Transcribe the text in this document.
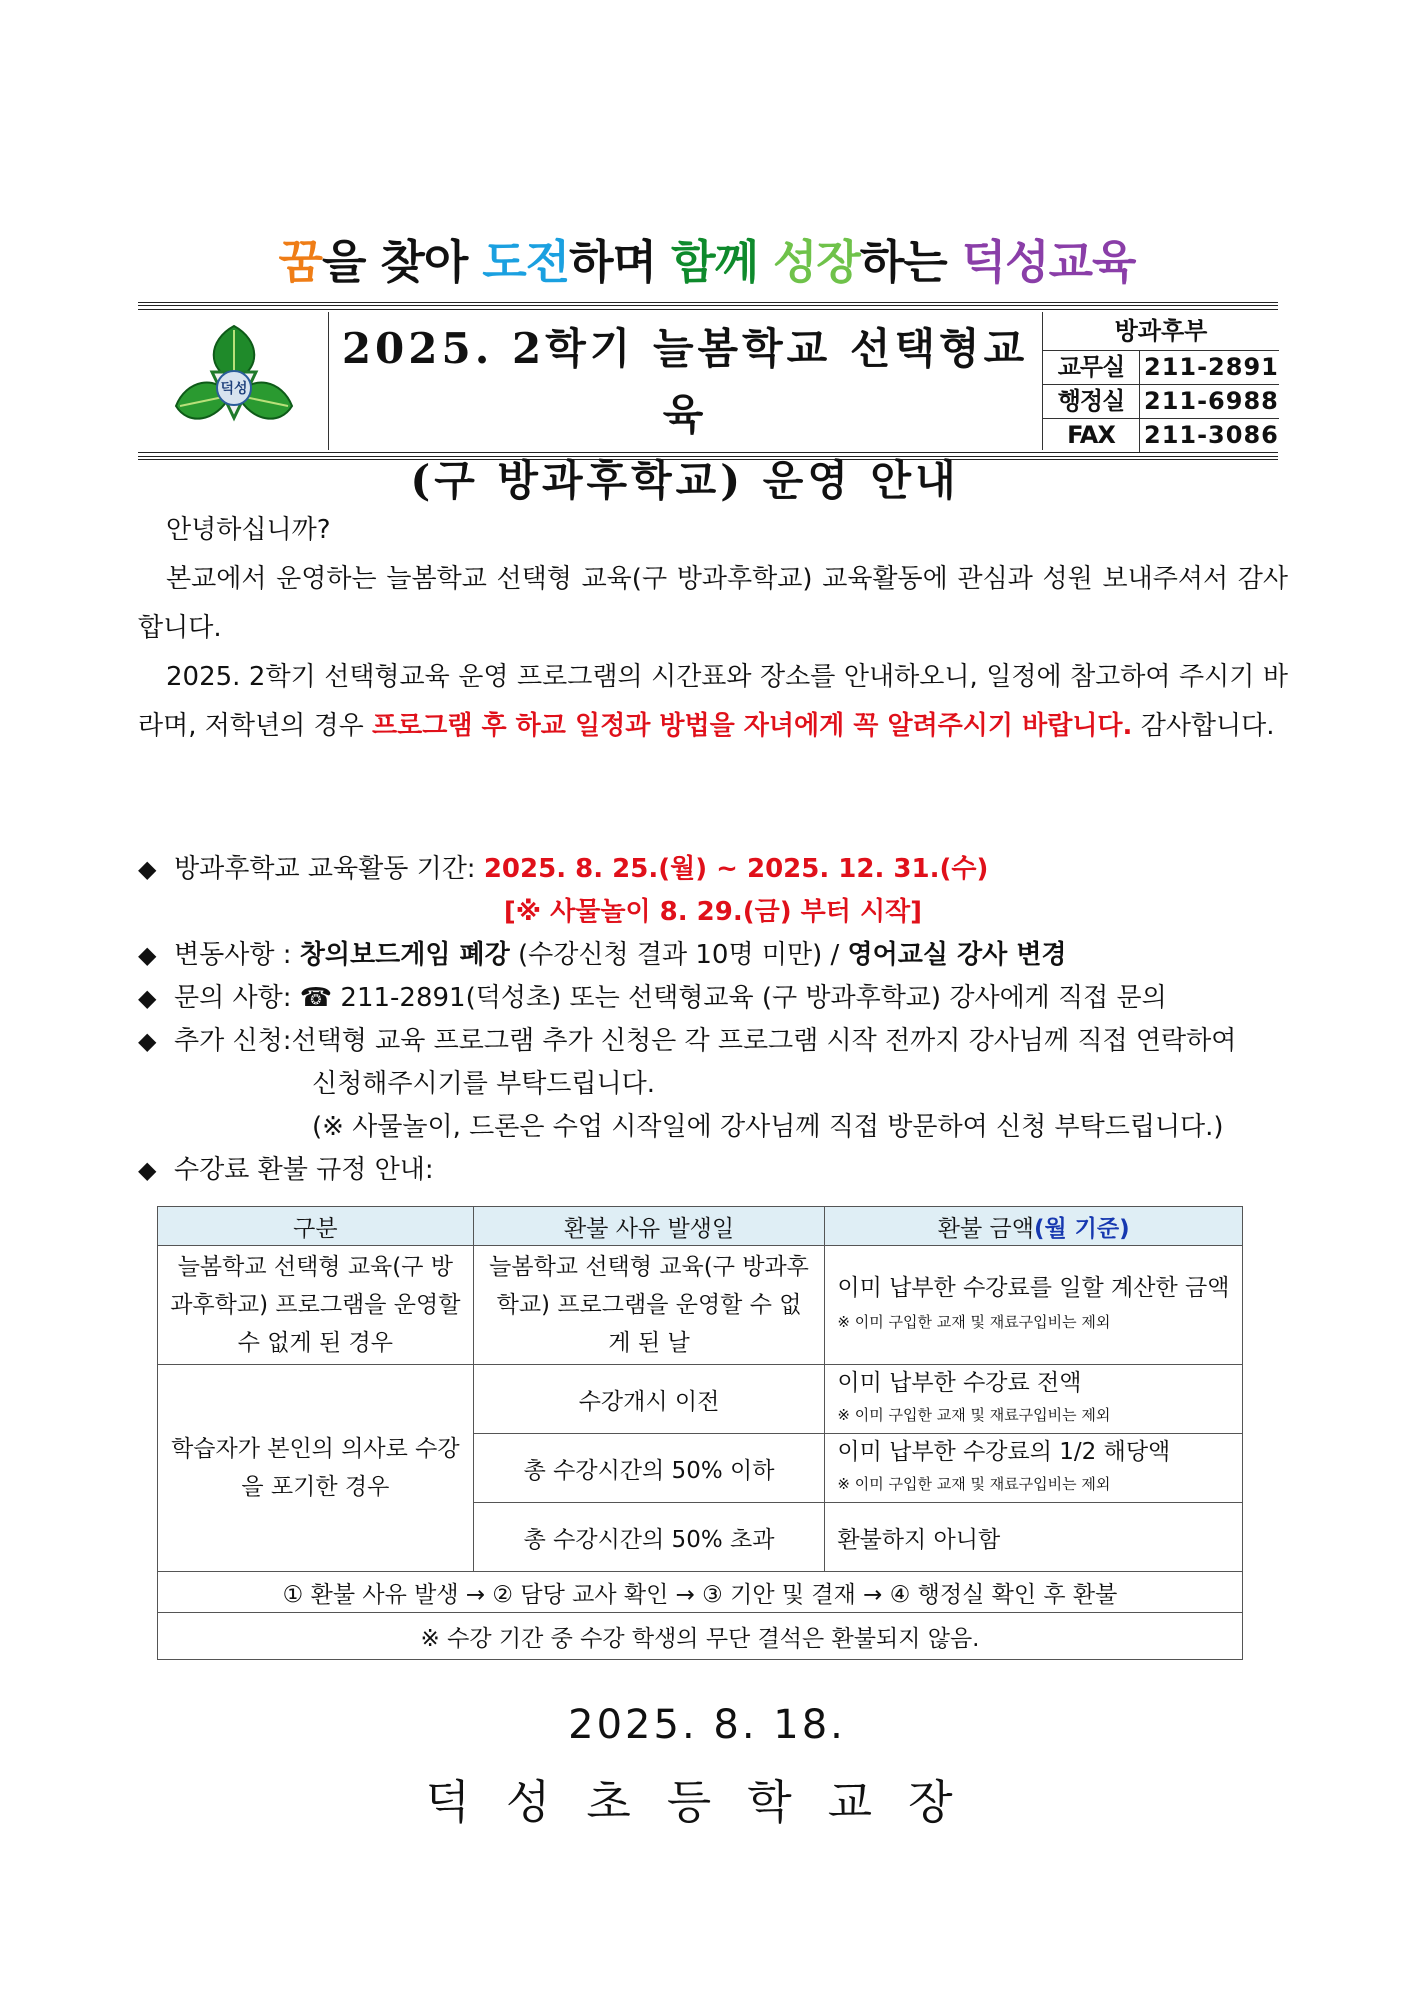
꿈을 찾아 도전하며 함께 성장하는 덕성교육
덕성
2025. 2학기 늘봄학교 선택형교육
(구 방과후학교) 운영 안내
방과후부
교무실 211-2891
행정실 211-6988
FAX	211-3086

안녕하십니까?

본교에서 운영하는 늘봄학교 선택형 교육(구 방과후학교) 교육활동에 관심과 성원 보내주셔서 감사합니다.

2025. 2학기 선택형교육 운영 프로그램의 시간표와 장소를 안내하오니, 일정에 참고하여 주시기 바라며, 저학년의 경우 프로그램 후 하교 일정과 방법을 자녀에게 꼭 알려주시기 바랍니다. 감사합니다.

◆ 방과후학교 교육활동 기간: 2025. 8. 25.(월) ~ 2025. 12. 31.(수)

[※ 사물놀이 8. 29.(금) 부터 시작]

◆ 변동사항 : 창의보드게임 폐강 (수강신청 결과 10명 미만) / 영어교실 강사 변경

◆ 문의 사항: ☎ 211-2891(덕성초) 또는 선택형교육 (구 방과후학교) 강사에게 직접 문의

◆ 추가 신청: 선택형 교육 프로그램 추가 신청은 각 프로그램 시작 전까지 강사님께 직접 연락하여

신청해주시기를 부탁드립니다.

(※ 사물놀이, 드론은 수업 시작일에 강사님께 직접 방문하여 신청 부탁드립니다.)

◆ 수강료 환불 규정 안내:

구분	환불 사유 발생일	환불 금액(월 기준)
늘봄학교 선택형 교육(구 방과후학교) 프로그램을 운영할 수 없게 된 경우	늘봄학교 선택형 교육(구 방과후학교) 프로그램을 운영할 수 없게 된 날	이미 납부한 수강료를 일할 계산한 금액
※ 이미 구입한 교재 및 재료구입비는 제외

학습자가 본인의 의사로 수강을 포기한 경우	수강개시 이전	이미 납부한 수강료 전액
※ 이미 구입한 교재 및 재료구입비는 제외

	총 수강시간의 50% 이하	이미 납부한 수강료의 1/2 해당액
※ 이미 구입한 교재 및 재료구입비는 제외

	총 수강시간의 50% 초과	환불하지 아니함
① 환불 사유 발생 → ② 담당 교사 확인 → ③ 기안 및 결재 → ④ 행정실 확인 후 환불		
※ 수강 기간 중 수강 학생의 무단 결석은 환불되지 않음.		
2025. 8. 18.
덕성초등학교장
